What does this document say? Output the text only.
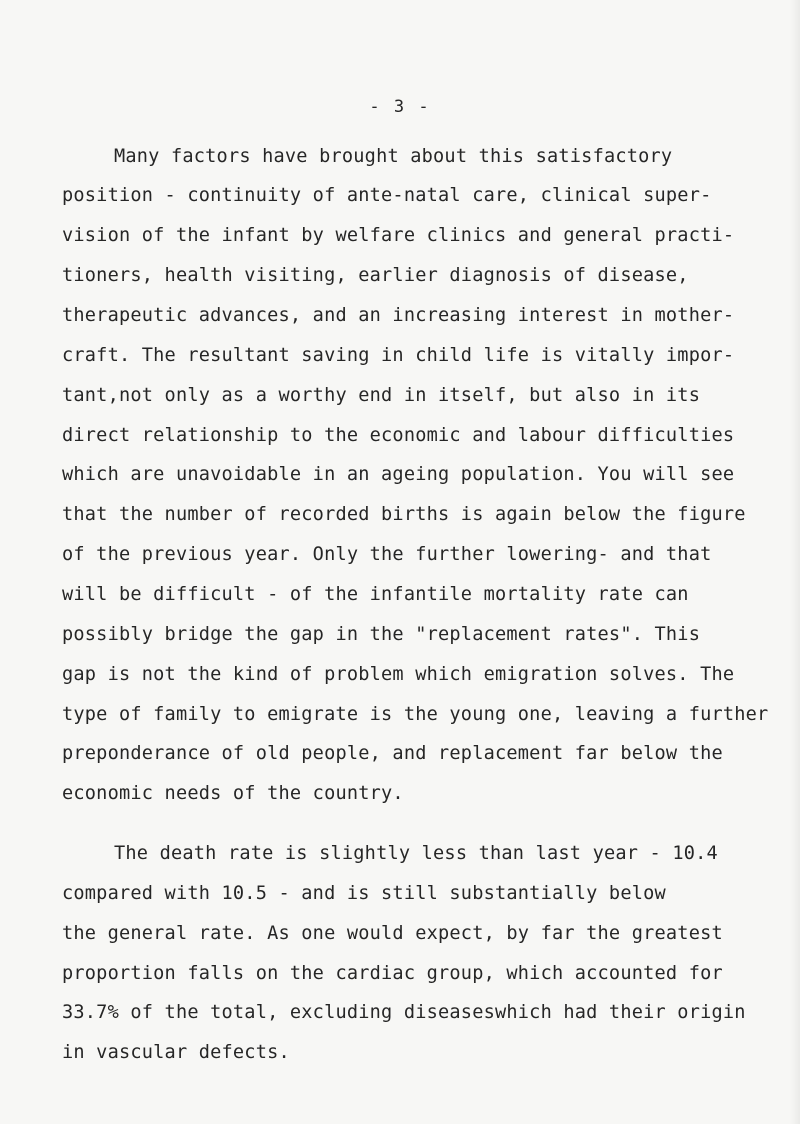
- 3 -
Many factors have brought about this satisfactory
position - continuity of ante-natal care, clinical super-
vision of the infant by welfare clinics and general practi-
tioners, health visiting, earlier diagnosis of disease,
therapeutic advances, and an increasing interest in mother-
craft. The resultant saving in child life is vitally impor-
tant,not only as a worthy end in itself, but also in its
direct relationship to the economic and labour difficulties
which are unavoidable in an ageing population. You will see
that the number of recorded births is again below the figure
of the previous year. Only the further lowering- and that
will be difficult - of the infantile mortality rate can
possibly bridge the gap in the "replacement rates". This
gap is not the kind of problem which emigration solves. The
type of family to emigrate is the young one, leaving a further
preponderance of old people, and replacement far below the
economic needs of the country.
The death rate is slightly less than last year - 10.4
compared with 10.5 - and is still substantially below
the general rate. As one would expect, by far the greatest
proportion falls on the cardiac group, which accounted for
33.7% of the total, excluding diseaseswhich had their origin
in vascular defects.
